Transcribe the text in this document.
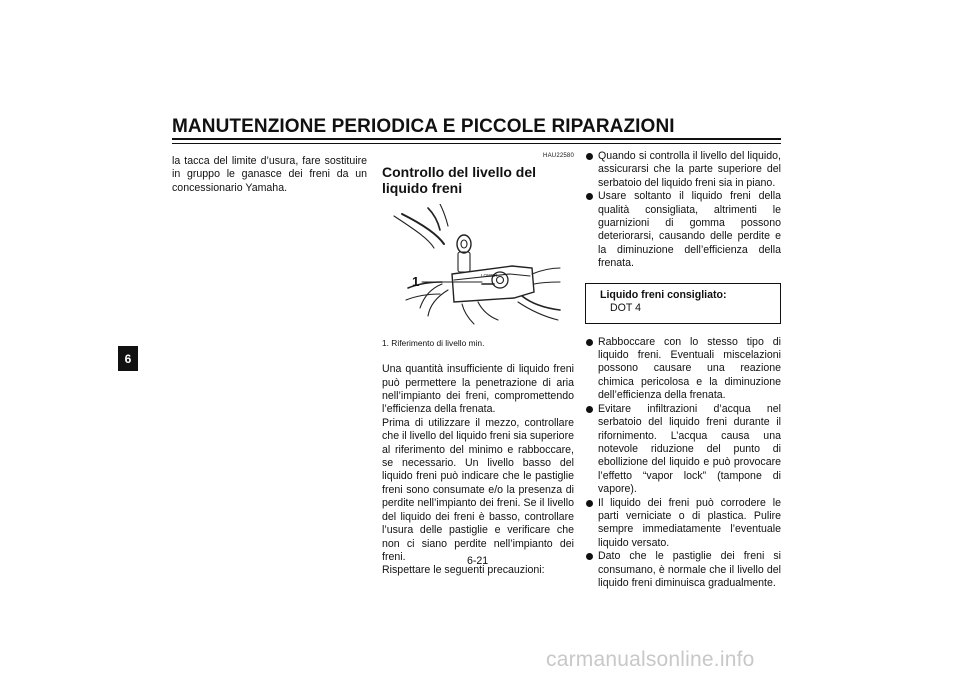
MANUTENZIONE PERIODICA E PICCOLE RIPARAZIONI
6

la tacca del limite d’usura, fare sostituire in gruppo le ganasce dei freni da un concessionario Yamaha.

HAU22580
Controllo del livello del liquido freni
1	LOWER
1. Riferimento di livello min.

Una quantità insufficiente di liquido freni può permettere la penetrazione di aria nell’impianto dei freni, compromettendo l’efficienza della frenata.

Prima di utilizzare il mezzo, controllare che il livello del liquido freni sia superiore al riferimento del minimo e rabboccare, se necessario. Un livello basso del liquido freni può indicare che le pastiglie freni sono consumate e/o la presenza di perdite nell’impianto dei freni. Se il livello del liquido dei freni è basso, controllare l’usura delle pastiglie e verificare che non ci siano perdite nell’impianto dei freni.

Rispettare le seguenti precauzioni:

Quando si controlla il livello del liquido, assicurarsi che la parte superiore del serbatoio del liquido freni sia in piano.
Usare soltanto il liquido freni della qualità consigliata, altrimenti le guarnizioni di gomma possono deteriorarsi, causando delle perdite e la diminuzione dell’efficienza della frenata.
Liquido freni consigliato:
DOT 4
Rabboccare con lo stesso tipo di liquido freni. Eventuali miscelazioni possono causare una reazione chimica pericolosa e la diminuzione dell’efficienza della frenata.
Evitare infiltrazioni d’acqua nel serbatoio del liquido freni durante il rifornimento. L’acqua causa una notevole riduzione del punto di ebollizione del liquido e può provocare l’effetto “vapor lock” (tampone di vapore).
Il liquido dei freni può corrodere le parti verniciate o di plastica. Pulire sempre immediatamente l’eventuale liquido versato.
Dato che le pastiglie dei freni si consumano, è normale che il livello del liquido freni diminuisca gradualmente.
6-21
carmanualsonline.info
